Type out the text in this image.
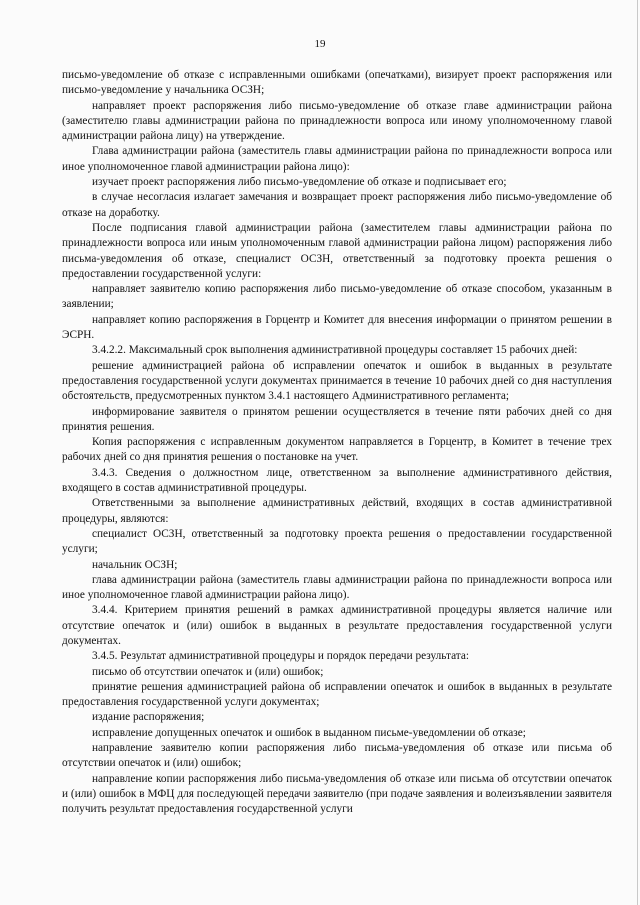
19

письмо-уведомление об отказе с исправленными ошибками (опечатками), визирует проект распоряжения или письмо-уведомление у начальника ОСЗН;

направляет проект распоряжения либо письмо-уведомление об отказе главе администрации района (заместителю главы администрации района по принадлежности вопроса или иному уполномоченному главой администрации района лицу) на утверждение.

Глава администрации района (заместитель главы администрации района по принадлежности вопроса или иное уполномоченное главой администрации района лицо):

изучает проект распоряжения либо письмо-уведомление об отказе и подписывает его;

в случае несогласия излагает замечания и возвращает проект распоряжения либо письмо-уведомление об отказе на доработку.

После подписания главой администрации района (заместителем главы администрации района по принадлежности вопроса или иным уполномоченным главой администрации района лицом) распоряжения либо письма-уведомления об отказе, специалист ОСЗН, ответственный за подготовку проекта решения о предоставлении государственной услуги:

направляет заявителю копию распоряжения либо письмо-уведомление об отказе способом, указанным в заявлении;

направляет копию распоряжения в Горцентр и Комитет для внесения информации о принятом решении в ЭСРН.

3.4.2.2. Максимальный срок выполнения административной процедуры составляет 15 рабочих дней:

решение администрацией района об исправлении опечаток и ошибок в выданных в результате предоставления государственной услуги документах принимается в течение 10 рабочих дней со дня наступления обстоятельств, предусмотренных пунктом 3.4.1 настоящего Административного регламента;

информирование заявителя о принятом решении осуществляется в течение пяти рабочих дней со дня принятия решения.

Копия распоряжения с исправленным документом направляется в Горцентр, в Комитет в течение трех рабочих дней со дня принятия решения о постановке на учет.

3.4.3. Сведения о должностном лице, ответственном за выполнение административного действия, входящего в состав административной процедуры.

Ответственными за выполнение административных действий, входящих в состав административной процедуры, являются:

специалист ОСЗН, ответственный за подготовку проекта решения о предоставлении государственной услуги;

начальник ОСЗН;

глава администрации района (заместитель главы администрации района по принадлежности вопроса или иное уполномоченное главой администрации района лицо).

3.4.4. Критерием принятия решений в рамках административной процедуры является наличие или отсутствие опечаток и (или) ошибок в выданных в результате предоставления государственной услуги документах.

3.4.5. Результат административной процедуры и порядок передачи результата:

письмо об отсутствии опечаток и (или) ошибок;

принятие решения администрацией района об исправлении опечаток и ошибок в выданных в результате предоставления государственной услуги документах;

издание распоряжения;

исправление допущенных опечаток и ошибок в выданном письме-уведомлении об отказе;

направление заявителю копии распоряжения либо письма-уведомления об отказе или письма об отсутствии опечаток и (или) ошибок;

направление копии распоряжения либо письма-уведомления об отказе или письма об отсутствии опечаток и (или) ошибок в МФЦ для последующей передачи заявителю (при подаче заявления и волеизъявлении заявителя получить результат предоставления государственной услуги
